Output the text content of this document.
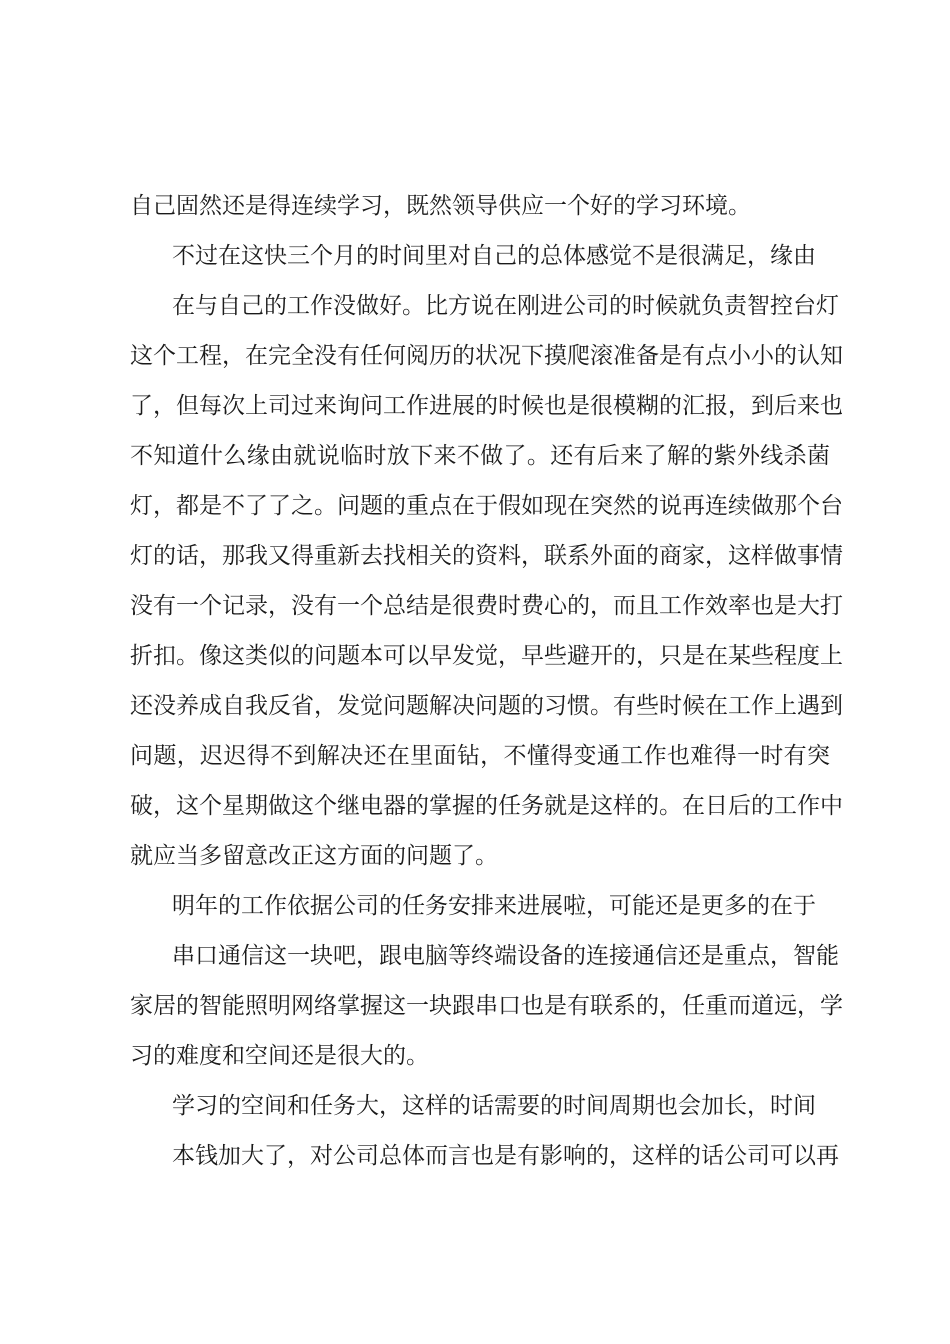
自己固然还是得连续学习，既然领导供应一个好的学习环境。
不过在这快三个月的时间里对自己的总体感觉不是很满足，缘由
在与自己的工作没做好。比方说在刚进公司的时候就负责智控台灯
这个工程，在完全没有任何阅历的状况下摸爬滚准备是有点小小的认知
了，但每次上司过来询问工作进展的时候也是很模糊的汇报，到后来也
不知道什么缘由就说临时放下来不做了。还有后来了解的紫外线杀菌
灯，都是不了了之。问题的重点在于假如现在突然的说再连续做那个台
灯的话，那我又得重新去找相关的资料，联系外面的商家，这样做事情
没有一个记录，没有一个总结是很费时费心的，而且工作效率也是大打
折扣。像这类似的问题本可以早发觉，早些避开的，只是在某些程度上
还没养成自我反省，发觉问题解决问题的习惯。有些时候在工作上遇到
问题，迟迟得不到解决还在里面钻，不懂得变通工作也难得一时有突
破，这个星期做这个继电器的掌握的任务就是这样的。在日后的工作中
就应当多留意改正这方面的问题了。
明年的工作依据公司的任务安排来进展啦，可能还是更多的在于
串口通信这一块吧，跟电脑等终端设备的连接通信还是重点，智能
家居的智能照明网络掌握这一块跟串口也是有联系的，任重而道远，学
习的难度和空间还是很大的。
学习的空间和任务大，这样的话需要的时间周期也会加长，时间
本钱加大了，对公司总体而言也是有影响的，这样的话公司可以再
